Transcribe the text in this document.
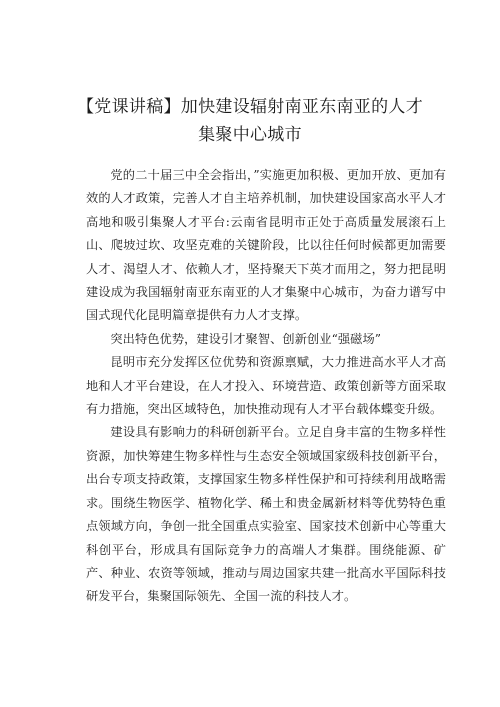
【党课讲稿】加快建设辐射南亚东南亚的人才
集聚中心城市

党的二十届三中全会指出，”实施更加积极、更加开放、更加有效的人才政策，完善人才自主培养机制，加快建设国家高水平人才高地和吸引集聚人才平台:云南省昆明市正处于高质量发展滚石上山、爬坡过坎、攻坚克难的关键阶段，比以往任何时候都更加需要人才、渴望人才、依赖人才，坚持聚天下英才而用之，努力把昆明建设成为我国辐射南亚东南亚的人才集聚中心城市，为奋力谱写中国式现代化昆明篇章提供有力人才支撑。

突出特色优势，建设引才聚智、创新创业“强磁场”

昆明市充分发挥区位优势和资源禀赋，大力推进高水平人才高地和人才平台建设，在人才投入、环境营造、政策创新等方面采取有力措施，突出区域特色，加快推动现有人才平台载体蝶变升级。

建设具有影响力的科研创新平台。立足自身丰富的生物多样性资源，加快筹建生物多样性与生态安全领域国家级科技创新平台，出台专项支持政策，支撑国家生物多样性保护和可持续利用战略需求。围绕生物医学、植物化学、稀土和贵金属新材料等优势特色重点领域方向，争创一批全国重点实验室、国家技术创新中心等重大科创平台，形成具有国际竞争力的高端人才集群。围绕能源、矿产、种业、农资等领域，推动与周边国家共建一批高水平国际科技研发平台，集聚国际领先、全国一流的科技人才。
